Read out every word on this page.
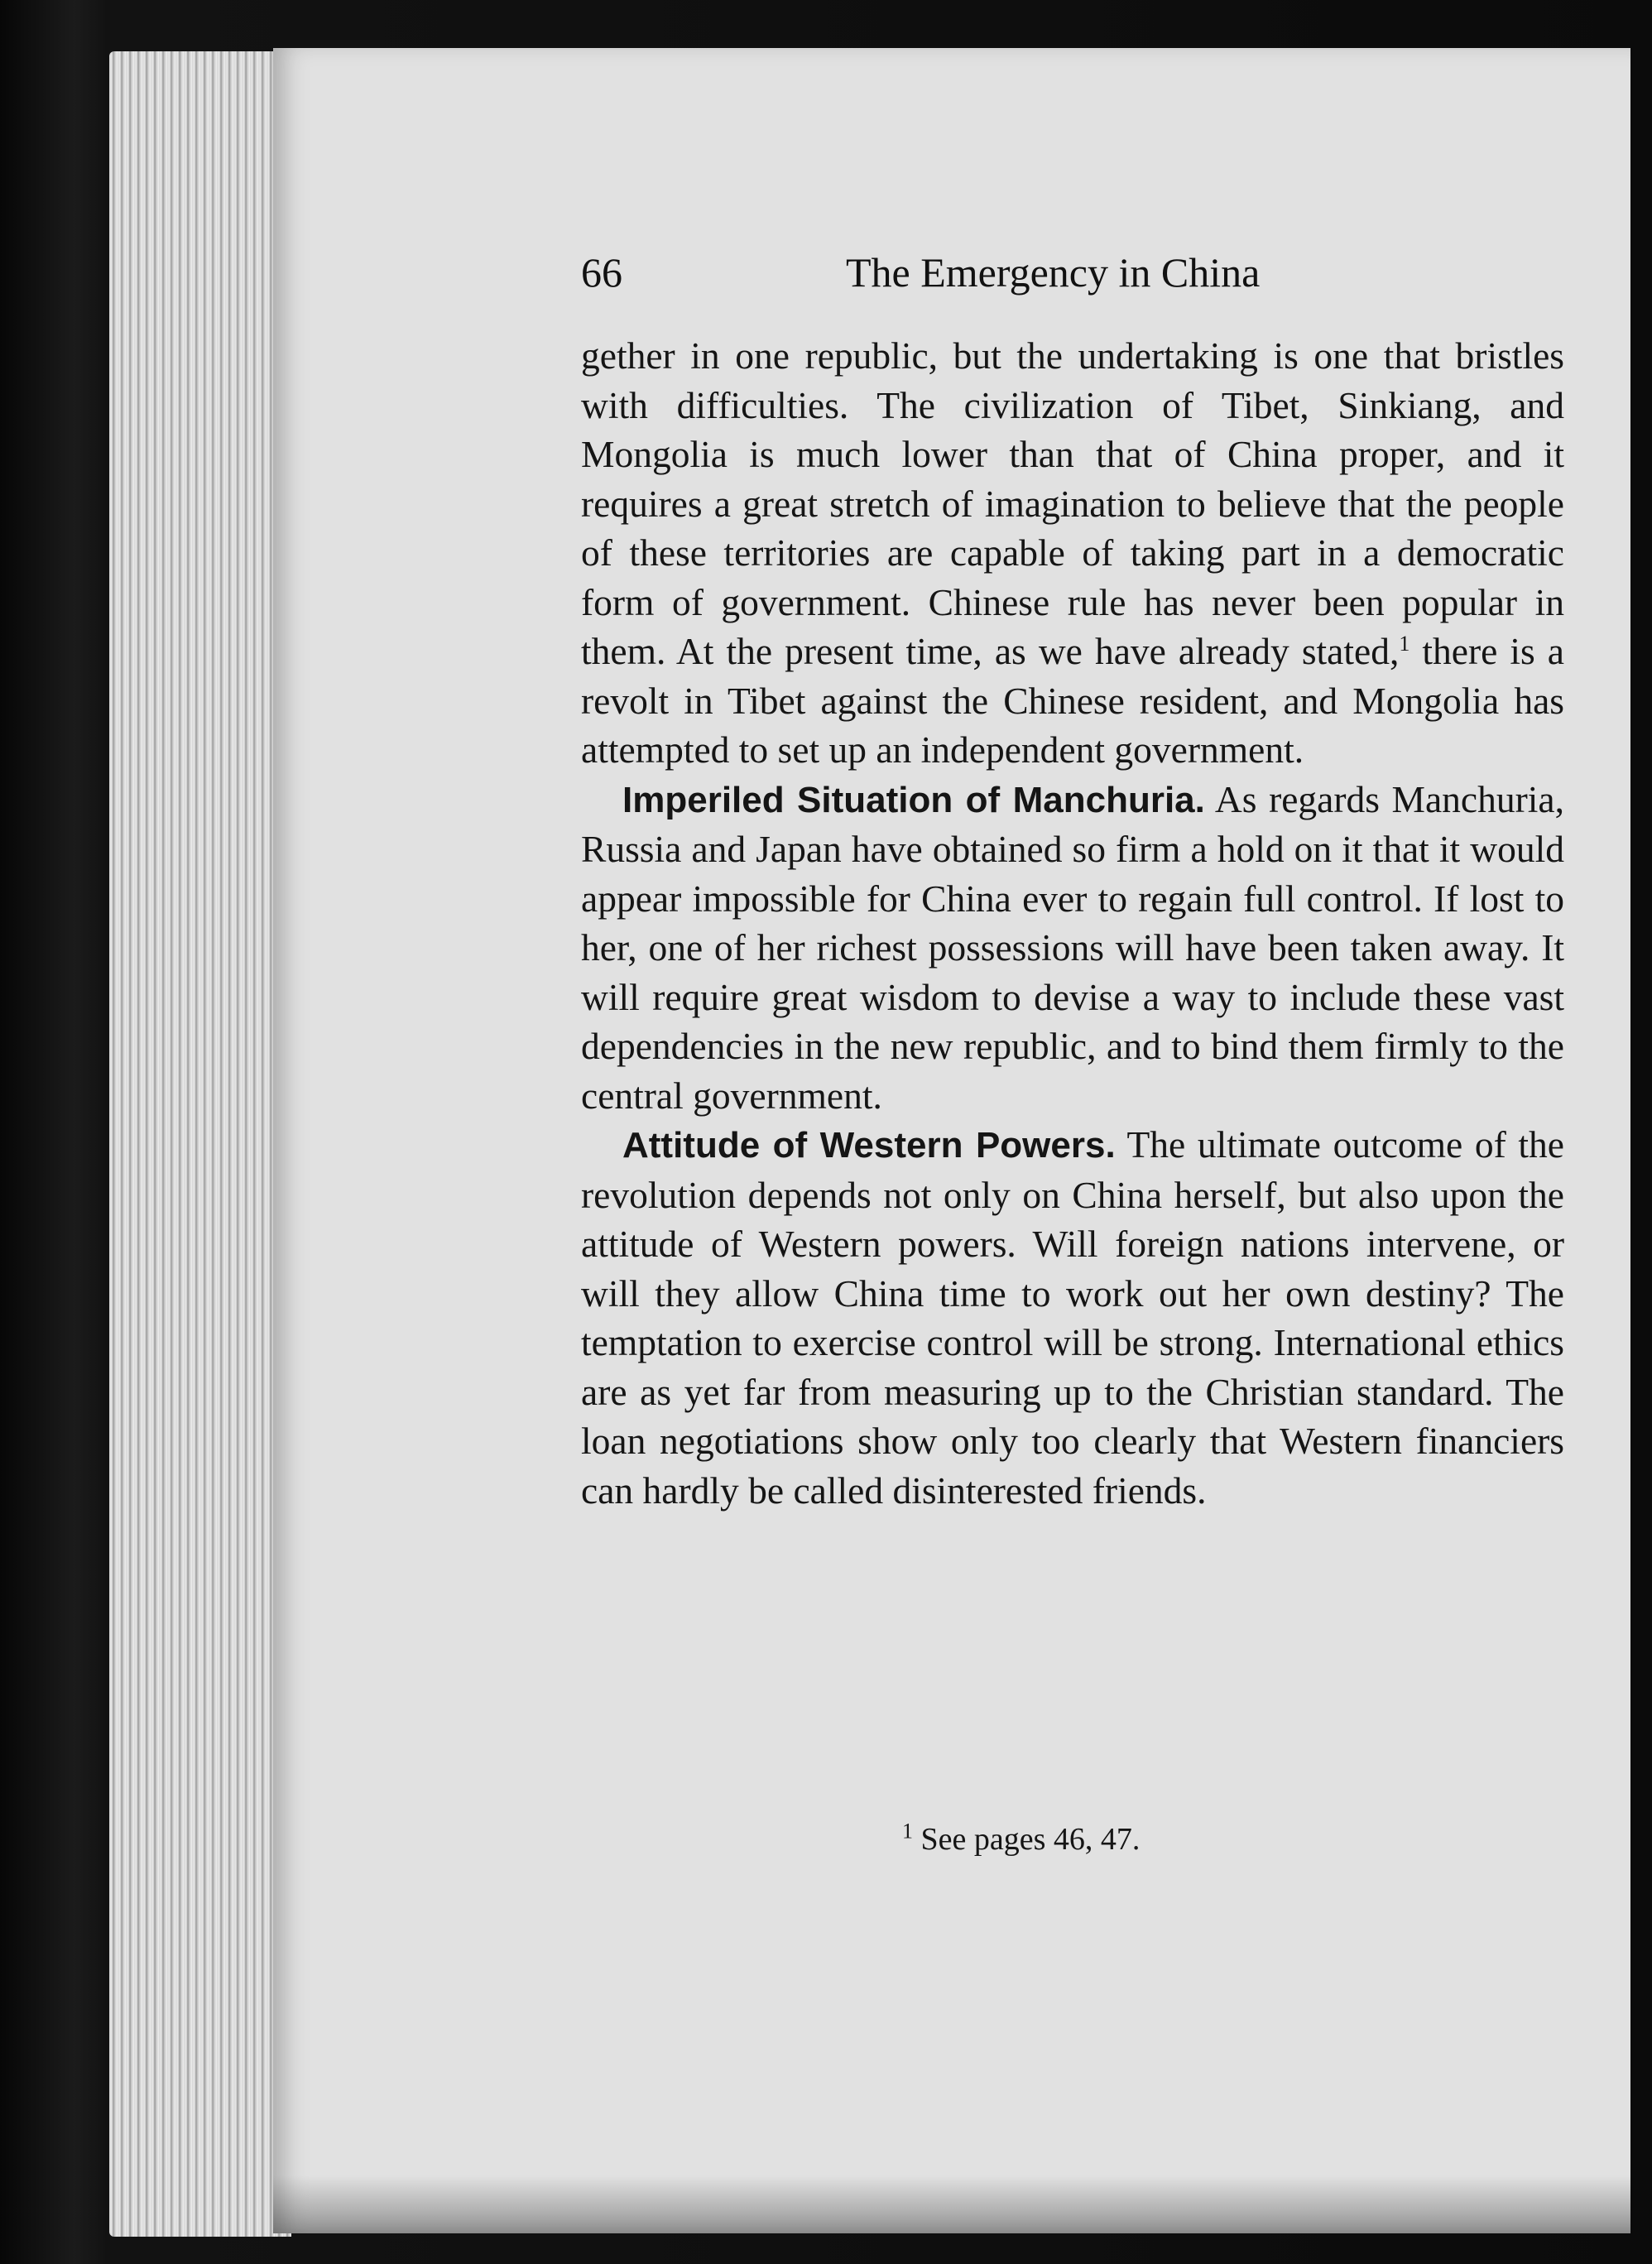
66	The Emergency in China

gether in one republic, but the undertaking is one that bristles with difficulties. The civilization of Tibet, Sinkiang, and Mongolia is much lower than that of China proper, and it requires a great stretch of imagination to believe that the people of these territories are capable of taking part in a democratic form of government. Chinese rule has never been popular in them. At the present time, as we have already stated,$^1$ there is a revolt in Tibet against the Chinese resident, and Mongolia has attempted to set up an independent government.

Imperiled Situation of Manchuria. As regards Manchuria, Russia and Japan have obtained so firm a hold on it that it would appear impossible for China ever to regain full control. If lost to her, one of her richest possessions will have been taken away. It will require great wisdom to devise a way to include these vast dependencies in the new republic, and to bind them firmly to the central government.

Attitude of Western Powers. The ultimate outcome of the revolution depends not only on China herself, but also upon the attitude of Western powers. Will foreign nations intervene, or will they allow China time to work out her own destiny? The temptation to exercise control will be strong. International ethics are as yet far from measuring up to the Christian standard. The loan negotiations show only too clearly that Western financiers can hardly be called disinterested friends.

$^1$ See pages 46, 47.
